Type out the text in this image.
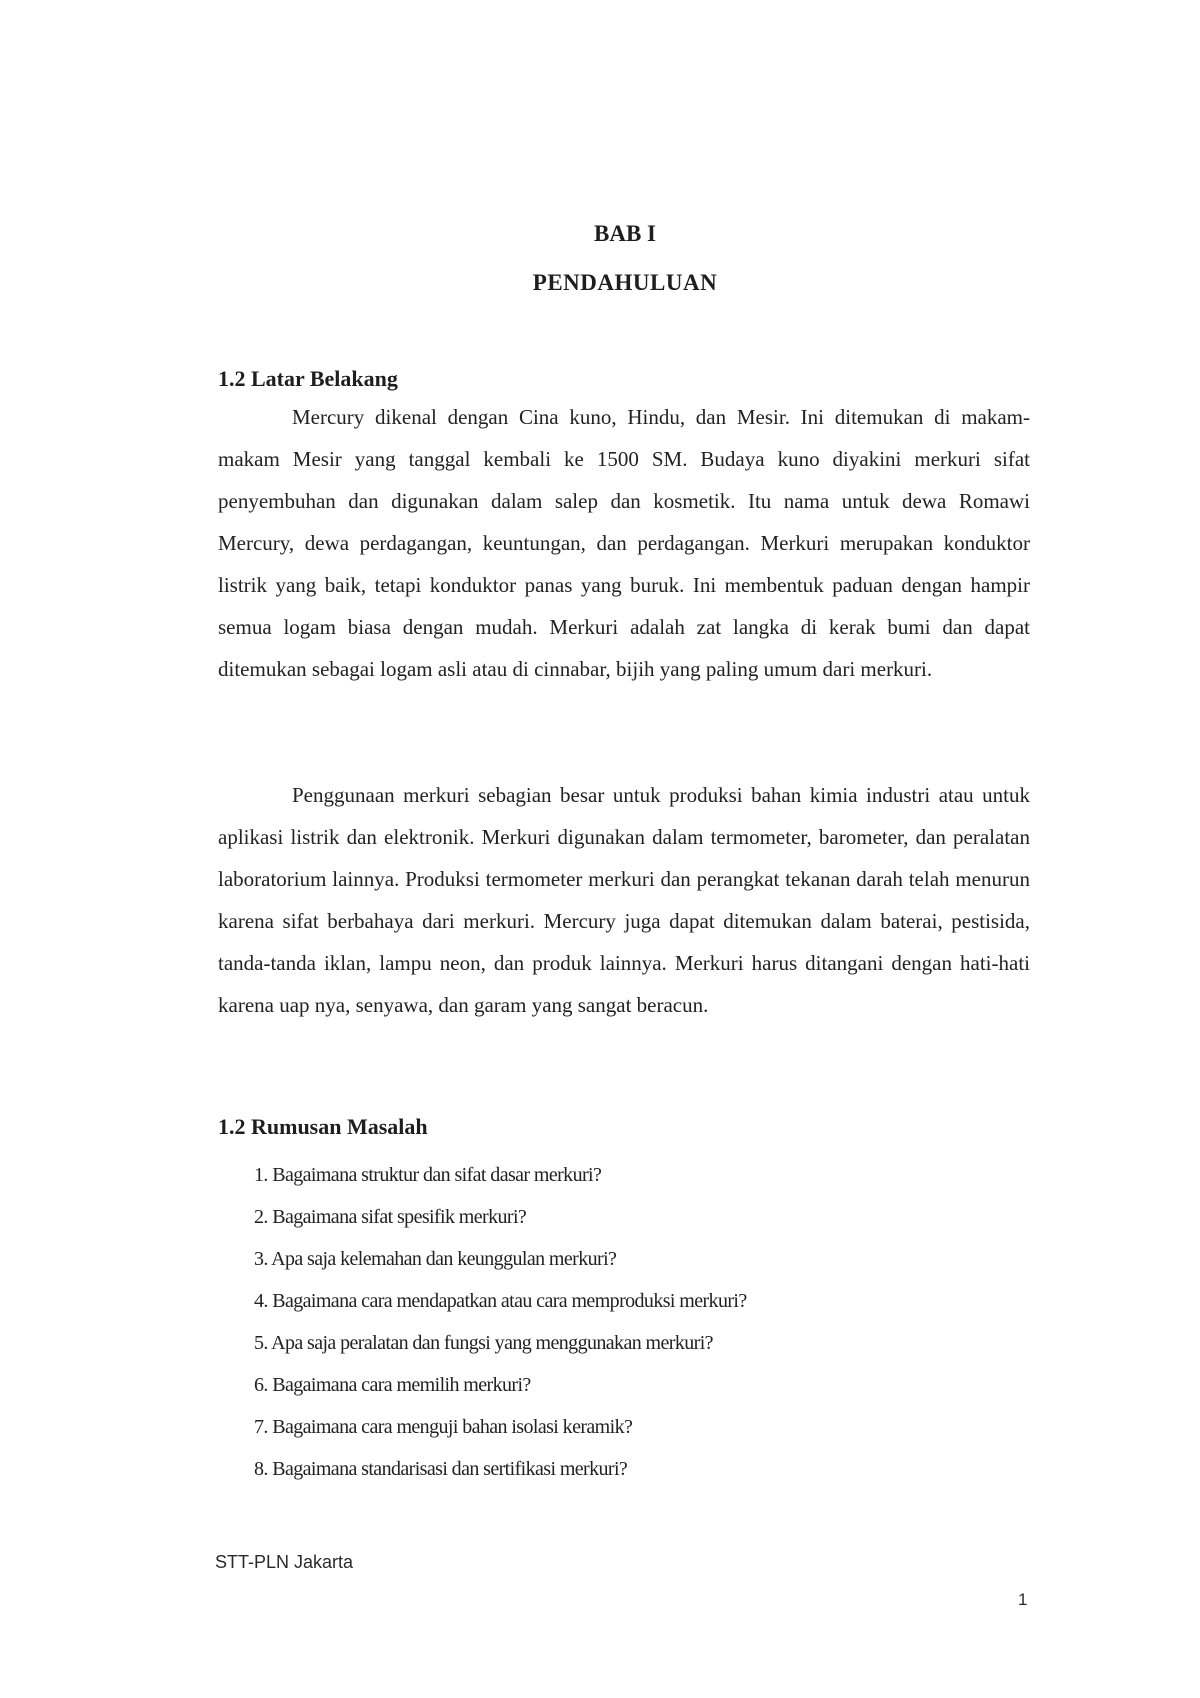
BAB I
PENDAHULUAN
1.2 Latar Belakang

Mercury dikenal dengan Cina kuno, Hindu, dan Mesir. Ini ditemukan di makam-makam Mesir yang tanggal kembali ke 1500 SM. Budaya kuno diyakini merkuri sifat penyembuhan dan digunakan dalam salep dan kosmetik. Itu nama untuk dewa Romawi Mercury, dewa perdagangan, keuntungan, dan perdagangan. Merkuri merupakan konduktor listrik yang baik, tetapi konduktor panas yang buruk. Ini membentuk paduan dengan hampir semua logam biasa dengan mudah. Merkuri adalah zat langka di kerak bumi dan dapat ditemukan sebagai logam asli atau di cinnabar, bijih yang paling umum dari merkuri.

Penggunaan merkuri sebagian besar untuk produksi bahan kimia industri atau untuk aplikasi listrik dan elektronik. Merkuri digunakan dalam termometer, barometer, dan peralatan laboratorium lainnya. Produksi termometer merkuri dan perangkat tekanan darah telah menurun karena sifat berbahaya dari merkuri. Mercury juga dapat ditemukan dalam baterai, pestisida, tanda-tanda iklan, lampu neon, dan produk lainnya. Merkuri harus ditangani dengan hati-hati karena uap nya, senyawa, dan garam yang sangat beracun.

1.2 Rumusan Masalah
1. Bagaimana struktur dan sifat dasar merkuri?
2. Bagaimana sifat spesifik merkuri?
3. Apa saja kelemahan dan keunggulan merkuri?
4. Bagaimana cara mendapatkan atau cara memproduksi merkuri?
5. Apa saja peralatan dan fungsi yang menggunakan merkuri?
6. Bagaimana cara memilih merkuri?
7. Bagaimana cara menguji bahan isolasi keramik?
8. Bagaimana standarisasi dan sertifikasi merkuri?
STT-PLN Jakarta
1
